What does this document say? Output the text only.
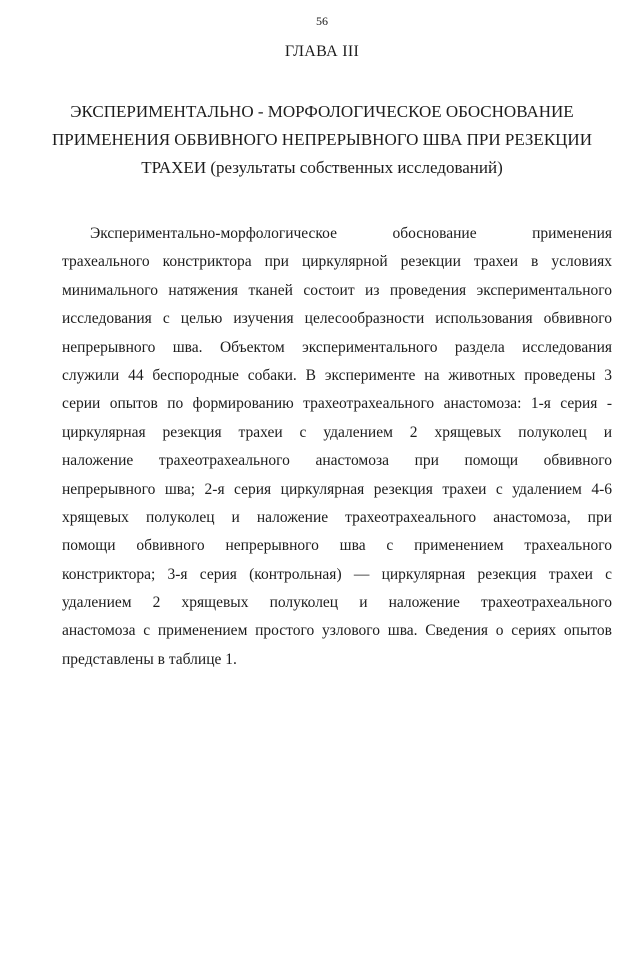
56
ГЛАВА III
ЭКСПЕРИМЕНТАЛЬНО - МОРФОЛОГИЧЕСКОЕ ОБОСНОВАНИЕ
ПРИМЕНЕНИЯ ОБВИВНОГО НЕПРЕРЫВНОГО ШВА ПРИ РЕЗЕКЦИИ
ТРАХЕИ (результаты собственных исследований)
Экспериментально-морфологическое обоснование применения
трахеального констриктора при циркулярной резекции трахеи в условиях
минимального натяжения тканей состоит из проведения экспериментального
исследования с целью изучения целесообразности использования обвивного
непрерывного шва. Объектом экспериментального раздела исследования
служили 44 беспородные собаки. В эксперименте на животных проведены 3
серии опытов по формированию трахеотрахеального анастомоза: 1-я серия -
циркулярная резекция трахеи с удалением 2 хрящевых полуколец и
наложение трахеотрахеального анастомоза при помощи обвивного
непрерывного шва; 2-я серия циркулярная резекция трахеи с удалением 4-6
хрящевых полуколец и наложение трахеотрахеального анастомоза, при
помощи обвивного непрерывного шва с применением трахеального
констриктора; 3-я серия (контрольная) — циркулярная резекция трахеи с
удалением 2 хрящевых полуколец и наложение трахеотрахеального
анастомоза с применением простого узлового шва. Сведения о сериях опытов
представлены в таблице 1.
